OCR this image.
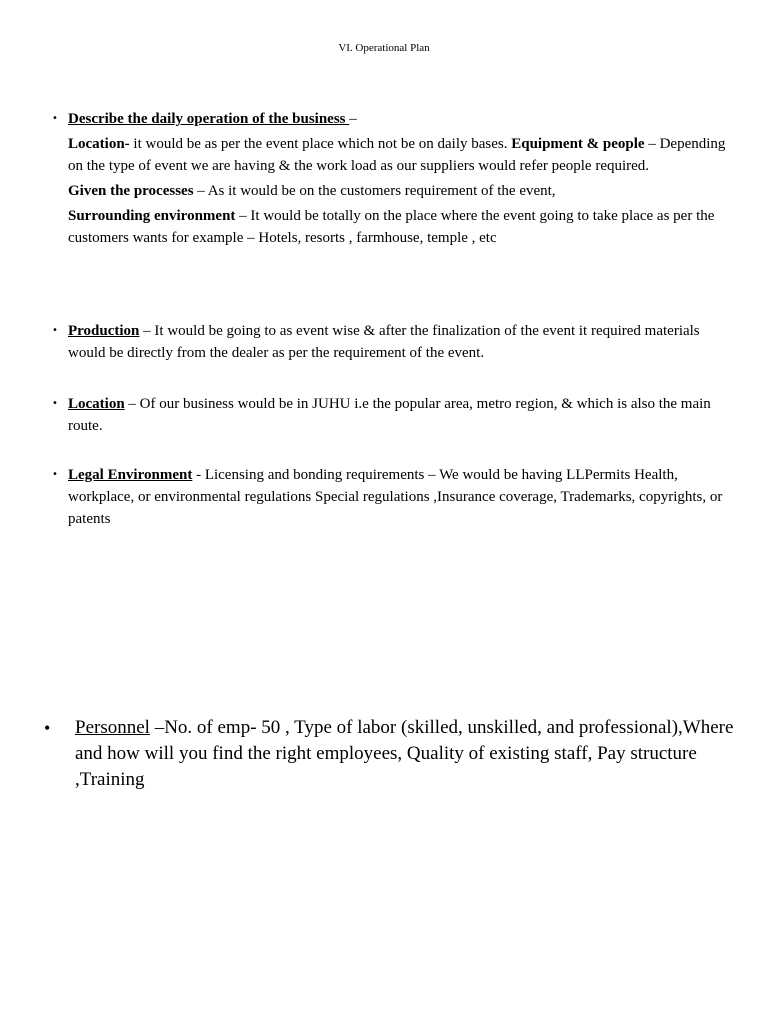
VI. Operational Plan
• Describe the daily operation of the business –
Location- it would be as per the event place which not be on daily bases. Equipment & people – Depending on the type of event we are having & the work load as our suppliers would refer people required.
Given the processes – As it would be on the customers requirement of the event,
Surrounding environment – It would be totally on the place where the event going to take place as per the customers wants for example – Hotels, resorts , farmhouse, temple , etc
• Production – It would be going to as event wise & after the finalization of the event it required materials would be directly from the dealer as per the requirement of the event.
• Location – Of our business would be in JUHU i.e the popular area, metro region, & which is also the main route.
• Legal Environment - Licensing and bonding requirements – We would be having LLPermits Health, workplace, or environmental regulations Special regulations ,Insurance coverage, Trademarks, copyrights, or patents
• Personnel –No. of emp- 50 , Type of labor (skilled, unskilled, and professional),Where and how will you find the right employees, Quality of existing staff, Pay structure ,Training
